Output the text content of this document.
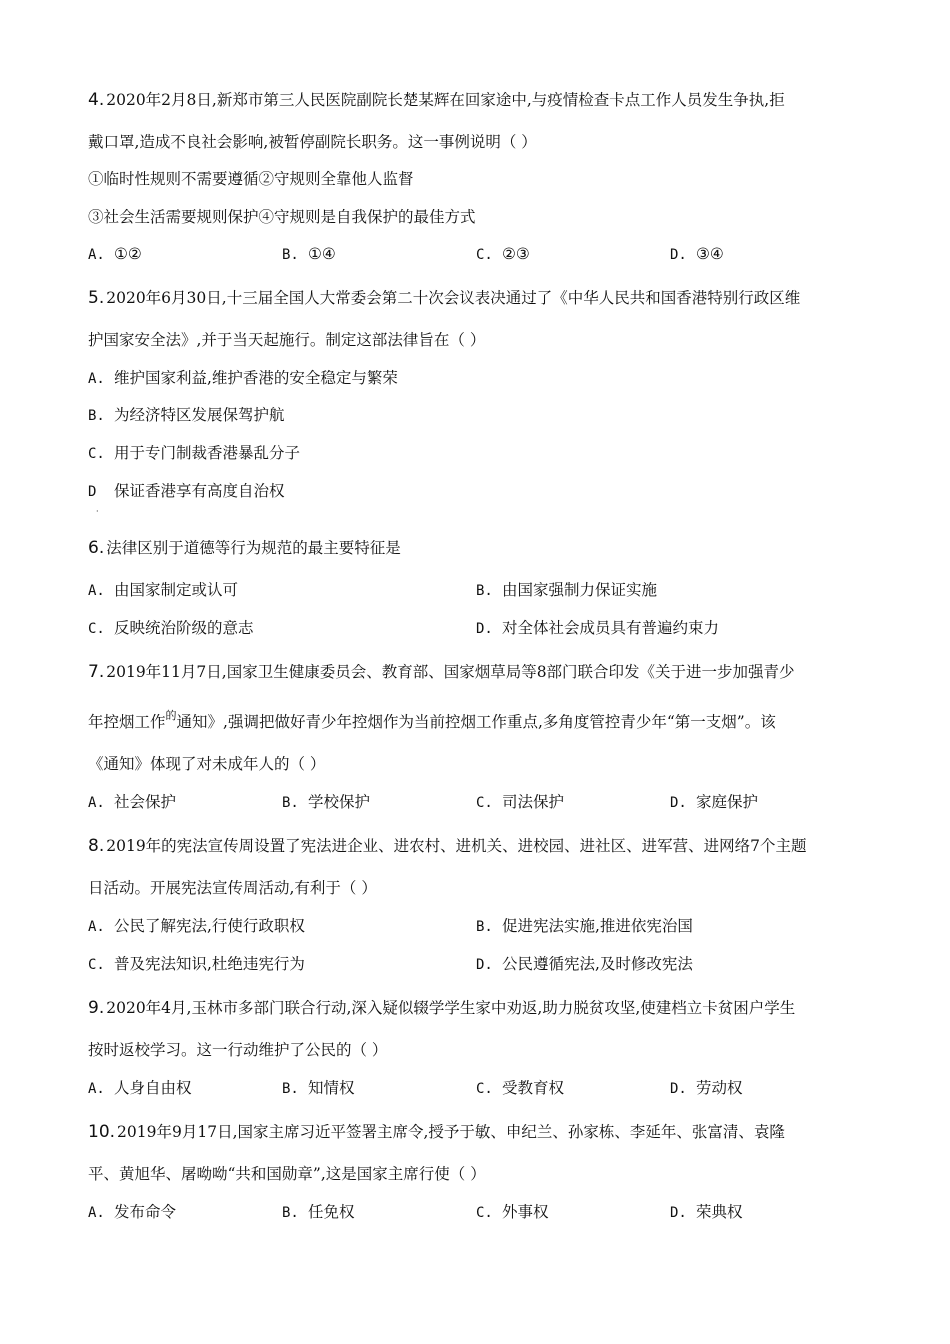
4. 2020年2月8日,新郑市第三人民医院副院长楚某辉在回家途中,与疫情检查卡点工作人员发生争执,拒
戴口罩,造成不良社会影响,被暂停副院长职务。这一事例说明（ ）
①临时性规则不需要遵循②守规则全靠他人监督
③社会生活需要规则保护④守规则是自我保护的最佳方式
A. ①②	B. ①④	C. ②③	D. ③④
5. 2020年6月30日,十三届全国人大常委会第二十次会议表决通过了《中华人民共和国香港特别行政区维
护国家安全法》,并于当天起施行。制定这部法律旨在（ ）
A. 维护国家利益,维护香港的安全稳定与繁荣
B. 为经济特区发展保驾护航
C. 用于专门制裁香港暴乱分子
D 保证香港享有高度自治权
·
6. 法律区别于道德等行为规范的最主要特征是
A. 由国家制定或认可	B. 由国家强制力保证实施
C. 反映统治阶级的意志	D. 对全体社会成员具有普遍约束力
7. 2019年11月7日,国家卫生健康委员会、教育部、国家烟草局等8部门联合印发《关于进一步加强青少
年控烟工作$^的$通知》,强调把做好青少年控烟作为当前控烟工作重点,多角度管控青少年“第一支烟”。该
《通知》体现了对未成年人的（ ）
A. 社会保护	B. 学校保护	C. 司法保护	D. 家庭保护
8. 2019年的宪法宣传周设置了宪法进企业、进农村、进机关、进校园、进社区、进军营、进网络7个主题
日活动。开展宪法宣传周活动,有利于（ ）
A. 公民了解宪法,行使行政职权	B. 促进宪法实施,推进依宪治国
C. 普及宪法知识,杜绝违宪行为	D. 公民遵循宪法,及时修改宪法
9. 2020年4月,玉林市多部门联合行动,深入疑似辍学学生家中劝返,助力脱贫攻坚,使建档立卡贫困户学生
按时返校学习。这一行动维护了公民的（ ）
A. 人身自由权	B. 知情权	C. 受教育权	D. 劳动权
10. 2019年9月17日,国家主席习近平签署主席令,授予于敏、申纪兰、孙家栋、李延年、张富清、袁隆
平、黄旭华、屠呦呦“共和国勋章”,这是国家主席行使（ ）
A. 发布命令	B. 任免权	C. 外事权	D. 荣典权
